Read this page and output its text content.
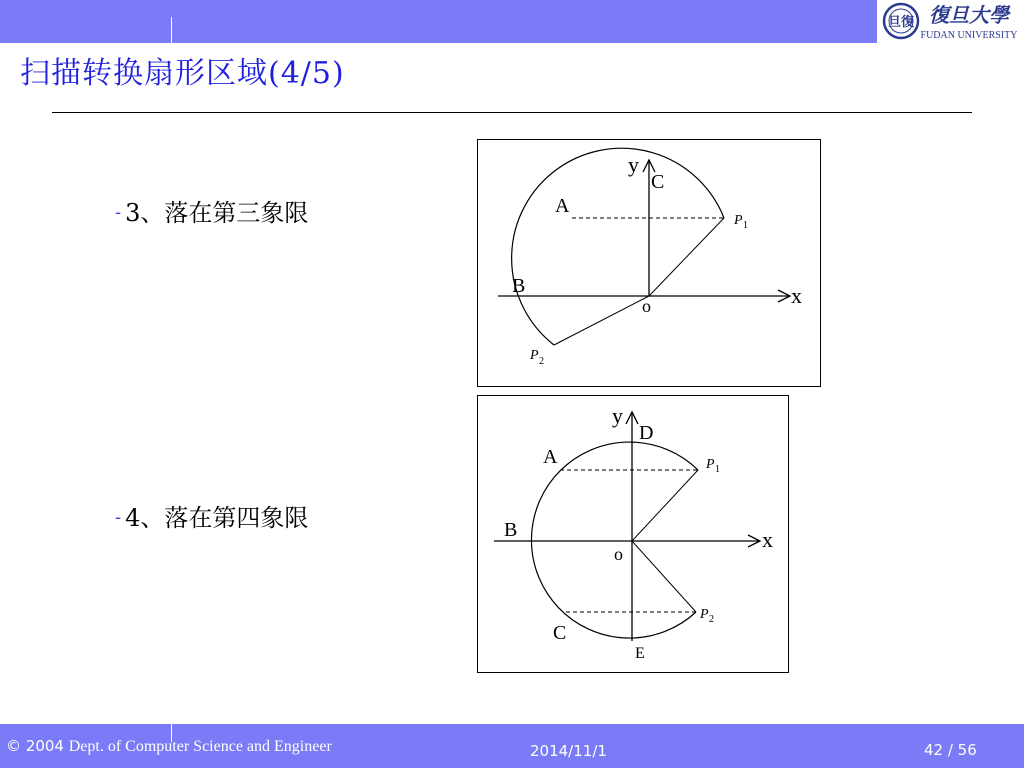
旦復 復旦大學
FUDAN UNIVERSITY
扫描转换扇形区域(4/5)
- 3、落在第三象限
- 4、落在第四象限
y
C
A
B
o	x
P 1
P 2
y
D
A
B
o
x
P 1
P 2
C
E
© 2004 Dept. of Computer Science and Engineer	2014/11/1	42 / 56
